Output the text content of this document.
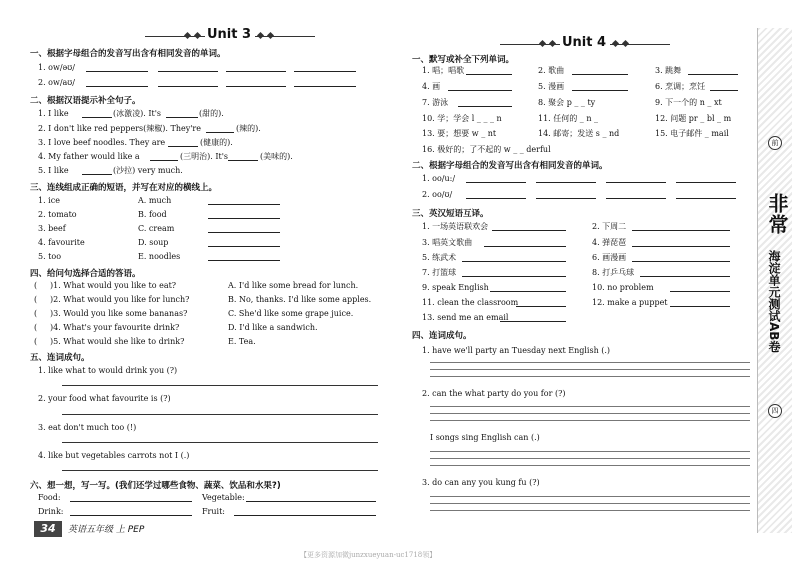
Unit 3
一、根据字母组合的发音写出含有相同发音的单词。
1. ow/əʊ/
2. ow/aʊ/
二、根据汉语提示补全句子。
1. I like	(冰激凌). It's	(甜的).
2. I don't like red peppers(辣椒). They're	(辣的).
3. I love beef noodles. They are	(健康的).
4. My father would like a	(三明治). It's	(美味的).
5. I like	(沙拉) very much.
三、连线组成正确的短语，并写在对应的横线上。
1. ice	A. much
2. tomato	B. food
3. beef	C. cream
4. favourite	D. soup
5. too	E. noodles
四、给问句选择合适的答语。
( )1. What would you like to eat?	A. I'd like some bread for lunch.
( )2. What would you like for lunch?	B. No, thanks. I'd like some apples.
( )3. Would you like some bananas?	C. She'd like some grape juice.
( )4. What's your favourite drink?	D. I'd like a sandwich.
( )5. What would she like to drink?	E. Tea.
五、连词成句。
1. like what to would drink you (?)
2. your food what favourite is (?)
3. eat don't much too (!)
4. like but vegetables carrots not I (.)
六、想一想，写一写。(我们还学过哪些食物、蔬菜、饮品和水果?)
Food:	Vegetable:
Drink:	Fruit:
34	英语五年级 上 PEP
【更多资源加微junzxueyuan-uc1718领】
Unit 4
一、默写或补全下列单词。
1. 唱；唱歌	2. 歌曲	3. 跳舞
4. 画	5. 漫画	6. 烹调；烹饪
7. 游泳	8. 聚会 p _ _ ty	9. 下一个的 n _ xt
10. 学；学会 l _ _ _ n	11. 任何的 _ n _	12. 问题 pr _ bl _ m
13. 要；想要 w _ nt	14. 邮寄；发送 s _ nd	15. 电子邮件 _ mail
16. 极好的；了不起的 w _ _ derful
二、根据字母组合的发音写出含有相同发音的单词。
1. oo/u:/
2. oo/ʊ/
三、英汉短语互译。
1. 一场英语联欢会	2. 下周二
3. 唱英文歌曲	4. 弹琵琶
5. 练武术	6. 画漫画
7. 打篮球	8. 打乒乓球
9. speak English	10. no problem
11. clean the classroom	12. make a puppet
13. send me an email
四、连词成句。
1. have we'll party an Tuesday next English (.)
2. can the what party do you for (?)
I songs sing English can (.)
3. do can any you kung fu (?)
前
非常
海淀单元测试AB卷
四
